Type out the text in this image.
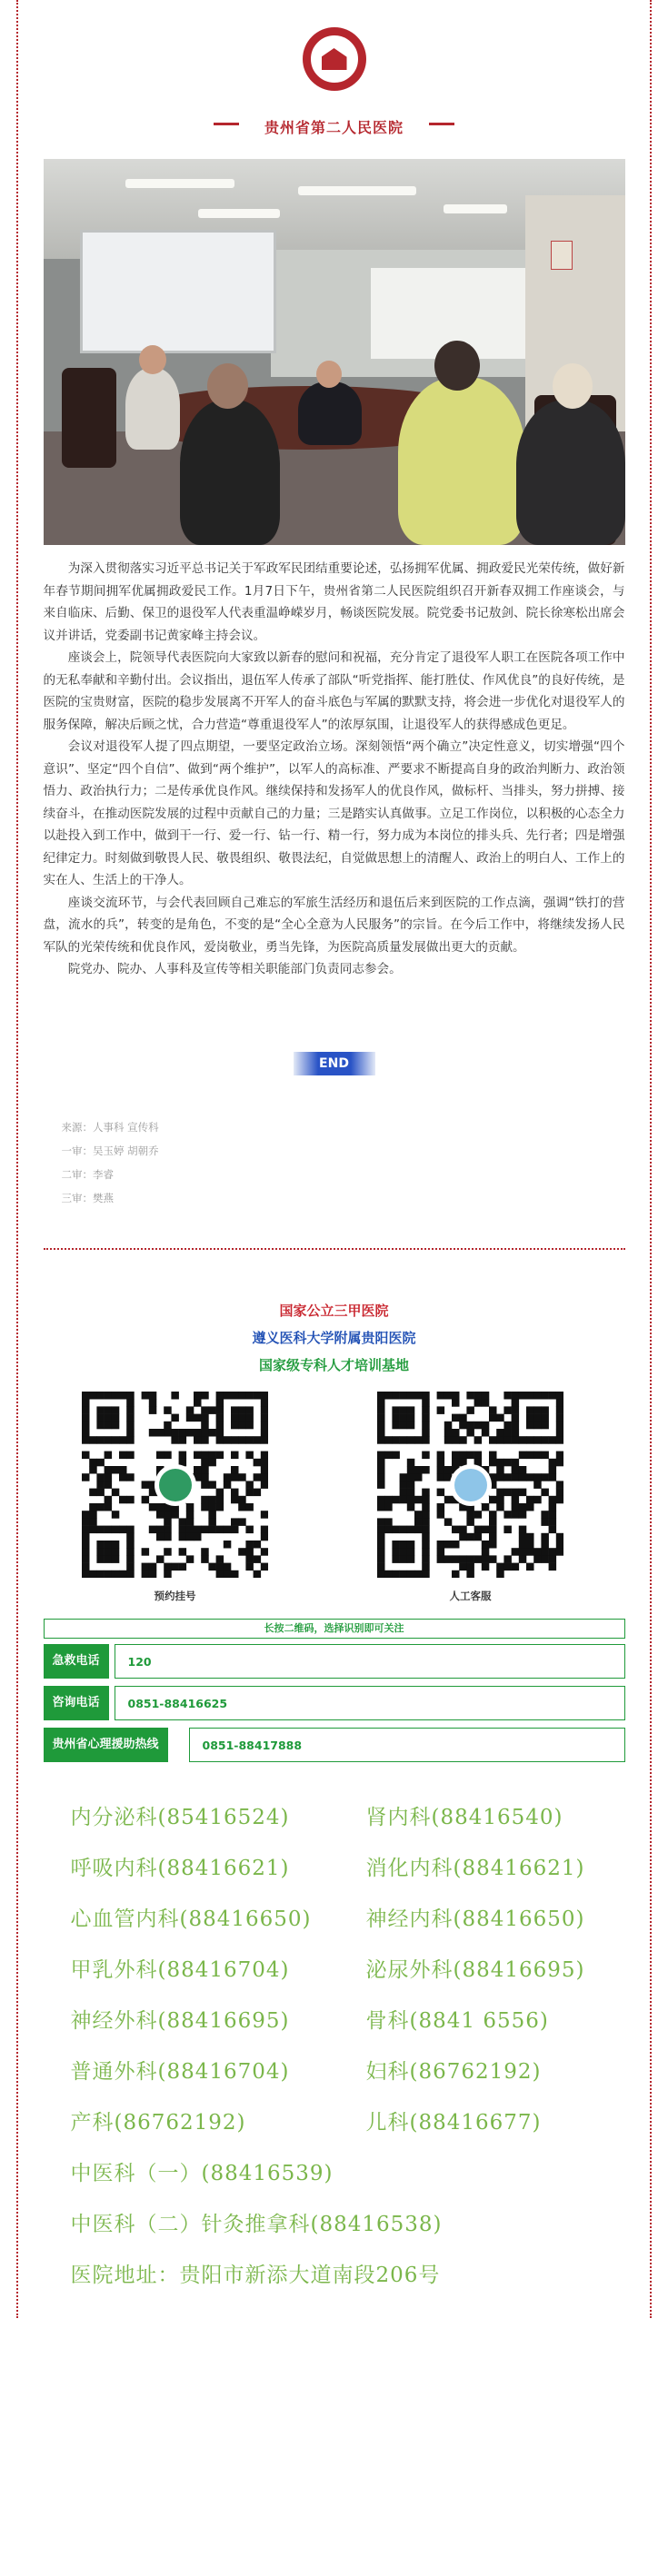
贵州省第二人民医院

为深入贯彻落实习近平总书记关于军政军民团结重要论述，弘扬拥军优属、拥政爱民光荣传统，做好新年春节期间拥军优属拥政爱民工作。1月7日下午，贵州省第二人民医院组织召开新春双拥工作座谈会，与来自临床、后勤、保卫的退役军人代表重温峥嵘岁月，畅谈医院发展。院党委书记敖剑、院长徐寒松出席会议并讲话，党委副书记黄家峰主持会议。

座谈会上，院领导代表医院向大家致以新春的慰问和祝福，充分肯定了退役军人职工在医院各项工作中的无私奉献和辛勤付出。会议指出，退伍军人传承了部队“听党指挥、能打胜仗、作风优良”的良好传统，是医院的宝贵财富，医院的稳步发展离不开军人的奋斗底色与军属的默默支持，将会进一步优化对退役军人的服务保障，解决后顾之忧，合力营造“尊重退役军人”的浓厚氛围，让退役军人的获得感成色更足。

会议对退役军人提了四点期望，一要坚定政治立场。深刻领悟“两个确立”决定性意义，切实增强“四个意识”、坚定“四个自信”、做到“两个维护”，以军人的高标准、严要求不断提高自身的政治判断力、政治领悟力、政治执行力；二是传承优良作风。继续保持和发扬军人的优良作风，做标杆、当排头，努力拼搏、接续奋斗，在推动医院发展的过程中贡献自己的力量；三是踏实认真做事。立足工作岗位，以积极的心态全力以赴投入到工作中，做到干一行、爱一行、钻一行、精一行，努力成为本岗位的排头兵、先行者；四是增强纪律定力。时刻做到敬畏人民、敬畏组织、敬畏法纪，自觉做思想上的清醒人、政治上的明白人、工作上的实在人、生活上的干净人。

座谈交流环节，与会代表回顾自己难忘的军旅生活经历和退伍后来到医院的工作点滴，强调“铁打的营盘，流水的兵”，转变的是角色，不变的是“全心全意为人民服务”的宗旨。在今后工作中，将继续发扬人民军队的光荣传统和优良作风，爱岗敬业，勇当先锋，为医院高质量发展做出更大的贡献。

院党办、院办、人事科及宣传等相关职能部门负责同志参会。

END
来源：人事科 宣传科
一审：吴玉婷 胡朝乔
二审：李睿
三审：樊燕
国家公立三甲医院
遵义医科大学附属贵阳医院
国家级专科人才培训基地
预约挂号	人工客服
长按二维码，选择识别即可关注
急救电话	120
咨询电话	0851-88416625
贵州省心理援助热线	0851-88417888
内分泌科(85416524)	肾内科(88416540)
呼吸内科(88416621)	消化内科(88416621)
心血管内科(88416650)	神经内科(88416650)
甲乳外科(88416704)	泌尿外科(88416695)
神经外科(88416695)	骨科(8841 6556)
普通外科(88416704)	妇科(86762192)
产科(86762192)	儿科(88416677)
中医科（一）(88416539)
中医科（二）针灸推拿科(88416538)
医院地址：贵阳市新添大道南段206号
